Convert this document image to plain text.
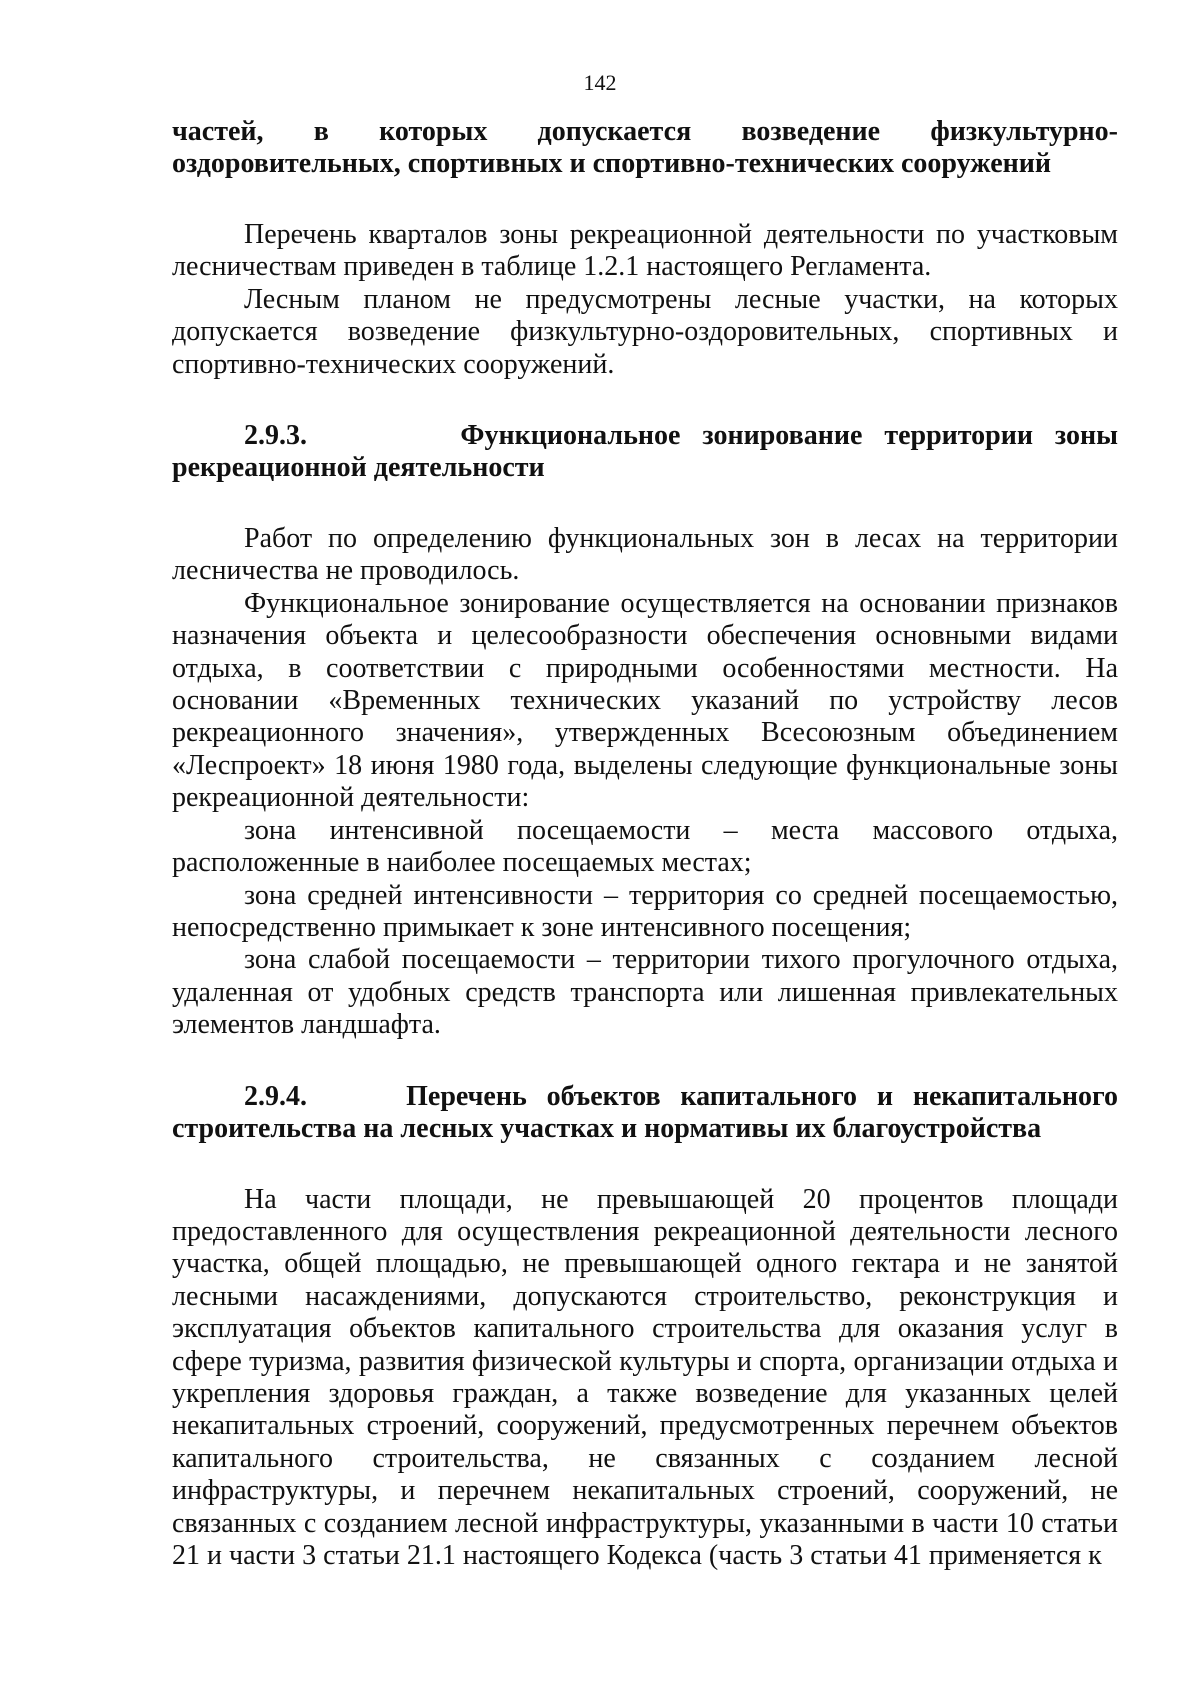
142

частей, в которых допускается возведение физкультурно-оздоровительных, спортивных и спортивно-технических сооружений

Перечень кварталов зоны рекреационной деятельности по участковым лесничествам приведен в таблице 1.2.1 настоящего Регламента.

Лесным планом не предусмотрены лесные участки, на которых допускается возведение физкультурно-оздоровительных, спортивных и спортивно-технических сооружений.

2.9.3.	Функциональное зонирование территории зоны рекреационной деятельности

Работ по определению функциональных зон в лесах на территории лесничества не проводилось.

Функциональное зонирование осуществляется на основании признаков назначения объекта и целесообразности обеспечения основными видами отдыха, в соответствии с природными особенностями местности. На основании «Временных технических указаний по устройству лесов рекреационного значения», утвержденных Всесоюзным объединением «Леспроект» 18 июня 1980 года, выделены следующие функциональные зоны рекреационной деятельности:

зона интенсивной посещаемости – места массового отдыха, расположенные в наиболее посещаемых местах;

зона средней интенсивности – территория со средней посещаемостью, непосредственно примыкает к зоне интенсивного посещения;

зона слабой посещаемости – территории тихого прогулочного отдыха, удаленная от удобных средств транспорта или лишенная привлекательных элементов ландшафта.

2.9.4.	Перечень объектов капитального и некапитального строительства на лесных участках и нормативы их благоустройства

На части площади, не превышающей 20 процентов площади предоставленного для осуществления рекреационной деятельности лесного участка, общей площадью, не превышающей одного гектара и не занятой лесными насаждениями, допускаются строительство, реконструкция и эксплуатация объектов капитального строительства для оказания услуг в сфере туризма, развития физической культуры и спорта, организации отдыха и укрепления здоровья граждан, а также возведение для указанных целей некапитальных строений, сооружений, предусмотренных перечнем объектов капитального строительства, не связанных с созданием лесной инфраструктуры, и перечнем некапитальных строений, сооружений, не связанных с созданием лесной инфраструктуры, указанными в части 10 статьи 21 и части 3 статьи 21.1 настоящего Кодекса (часть 3 статьи 41 применяется к
